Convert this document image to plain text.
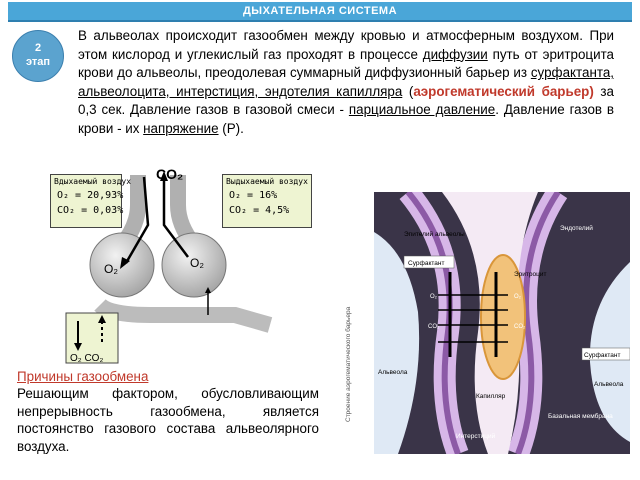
ДЫХАТЕЛЬНАЯ СИСТЕМА
2
этап
В альвеолах происходит газообмен между кровью и атмосферным воздухом. При этом кислород и углекислый газ проходят в процессе диффузии путь от эритроцита крови до альвеолы, преодолевая суммарный диффузионный барьер из сурфактанта, альвеолоцита, интерстиция, эндотелия капилляра (аэрогематический барьер) за 0,3 сек. Давление газов в газовой смеси - парциальное давление. Давление газов в крови - их напряжение (Р).
CO₂
O₂	O₂
O₂ CO₂
Вдыхаемый воздух
O₂ = 20,93%
CO₂ = 0,03%
Выдыхаемый воздух
O₂ = 16%
CO₂ = 4,5%
Причины газообмена
Решающим фактором, обусловливающим непрерывность газообмена, является постоянство газового состава альвеолярного воздуха.
Эпителий альвеолы
Эндотелий
Сурфактант
Эритроцит
Сурфактант
Альвеола
Альвеола
Капилляр
Базальная мембрана
Интерстиций
O₂
CO₂
O₂
CO₂
Строение аэрогематического барьера
